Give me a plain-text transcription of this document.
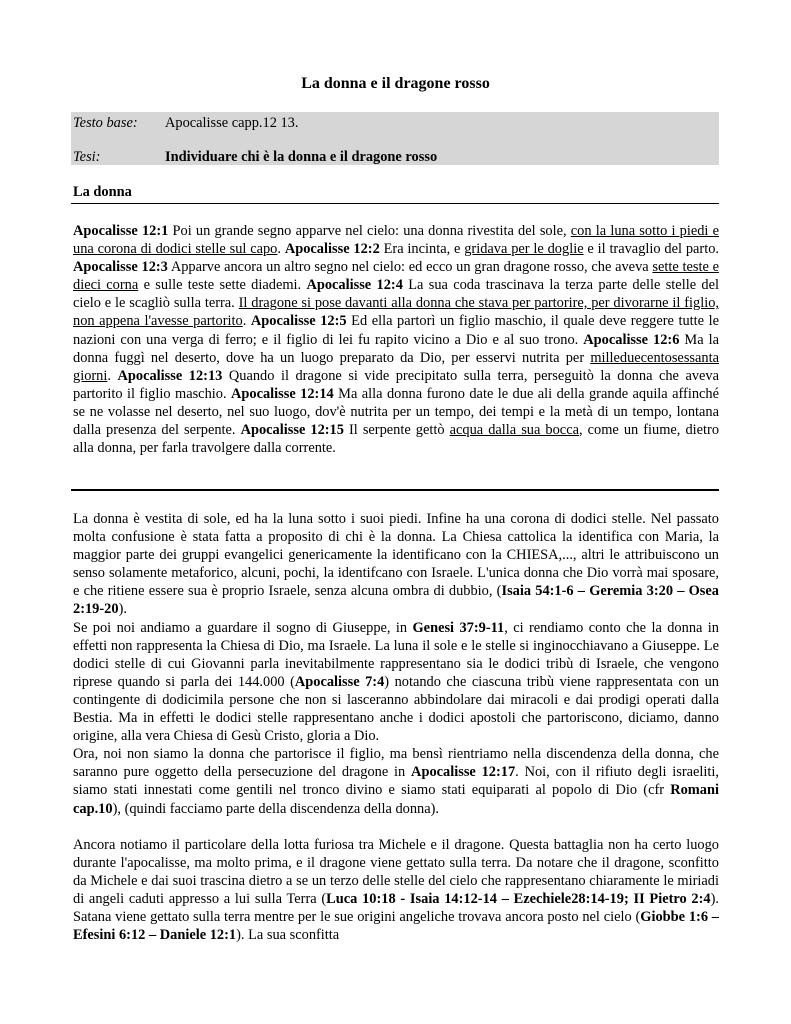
La donna e il dragone rosso
Testo base: Apocalisse capp.12 13.
Tesi:	Individuare chi è la donna e il dragone rosso
La donna

Apocalisse 12:1 Poi un grande segno apparve nel cielo: una donna rivestita del sole, con la luna sotto i piedi e una corona di dodici stelle sul capo. Apocalisse 12:2 Era incinta, e gridava per le doglie e il travaglio del parto. Apocalisse 12:3 Apparve ancora un altro segno nel cielo: ed ecco un gran dragone rosso, che aveva sette teste e dieci corna e sulle teste sette diademi. Apocalisse 12:4 La sua coda trascinava la terza parte delle stelle del cielo e le scagliò sulla terra. Il dragone si pose davanti alla donna che stava per partorire, per divorarne il figlio, non appena l'avesse partorito. Apocalisse 12:5 Ed ella partorì un figlio maschio, il quale deve reggere tutte le nazioni con una verga di ferro; e il figlio di lei fu rapito vicino a Dio e al suo trono. Apocalisse 12:6 Ma la donna fuggì nel deserto, dove ha un luogo preparato da Dio, per esservi nutrita per milleduecentosessanta giorni. Apocalisse 12:13 Quando il dragone si vide precipitato sulla terra, perseguitò la donna che aveva partorito il figlio maschio. Apocalisse 12:14 Ma alla donna furono date le due ali della grande aquila affinché se ne volasse nel deserto, nel suo luogo, dov'è nutrita per un tempo, dei tempi e la metà di un tempo, lontana dalla presenza del serpente. Apocalisse 12:15 Il serpente gettò acqua dalla sua bocca, come un fiume, dietro alla donna, per farla travolgere dalla corrente.

La donna è vestita di sole, ed ha la luna sotto i suoi piedi. Infine ha una corona di dodici stelle. Nel passato molta confusione è stata fatta a proposito di chi è la donna. La Chiesa cattolica la identifica con Maria, la maggior parte dei gruppi evangelici genericamente la identificano con la CHIESA,..., altri le attribuiscono un senso solamente metaforico, alcuni, pochi, la identifcano con Israele. L'unica donna che Dio vorrà mai sposare, e che ritiene essere sua è proprio Israele, senza alcuna ombra di dubbio, (Isaia 54:1-6 – Geremia 3:20 – Osea 2:19-20).

Se poi noi andiamo a guardare il sogno di Giuseppe, in Genesi 37:9-11, ci rendiamo conto che la donna in effetti non rappresenta la Chiesa di Dio, ma Israele. La luna il sole e le stelle si inginocchiavano a Giuseppe. Le dodici stelle di cui Giovanni parla inevitabilmente rappresentano sia le dodici tribù di Israele, che vengono riprese quando si parla dei 144.000 (Apocalisse 7:4) notando che ciascuna tribù viene rappresentata con un contingente di dodicimila persone che non si lasceranno abbindolare dai miracoli e dai prodigi operati dalla Bestia. Ma in effetti le dodici stelle rappresentano anche i dodici apostoli che partoriscono, diciamo, danno origine, alla vera Chiesa di Gesù Cristo, gloria a Dio.

Ora, noi non siamo la donna che partorisce il figlio, ma bensì rientriamo nella discendenza della donna, che saranno pure oggetto della persecuzione del dragone in Apocalisse 12:17. Noi, con il rifiuto degli israeliti, siamo stati innestati come gentili nel tronco divino e siamo stati equiparati al popolo di Dio (cfr Romani cap.10), (quindi facciamo parte della discendenza della donna).

Ancora notiamo il particolare della lotta furiosa tra Michele e il dragone. Questa battaglia non ha certo luogo durante l'apocalisse, ma molto prima, e il dragone viene gettato sulla terra. Da notare che il dragone, sconfitto da Michele e dai suoi trascina dietro a se un terzo delle stelle del cielo che rappresentano chiaramente le miriadi di angeli caduti appresso a lui sulla Terra (Luca 10:18 - Isaia 14:12-14 – Ezechiele28:14-19; II Pietro 2:4). Satana viene gettato sulla terra mentre per le sue origini angeliche trovava ancora posto nel cielo (Giobbe 1:6 – Efesini 6:12 – Daniele 12:1). La sua sconfitta
